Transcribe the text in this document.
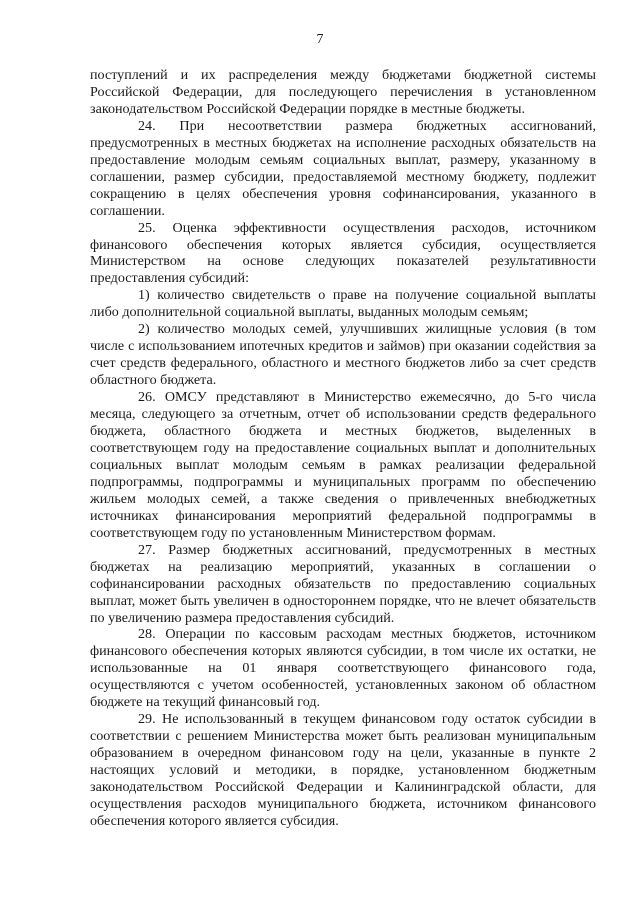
7

поступлений и их распределения между бюджетами бюджетной системы Российской Федерации, для последующего перечисления в установленном законодательством Российской Федерации порядке в местные бюджеты.

24. При несоответствии размера бюджетных ассигнований, предусмотренных в местных бюджетах на исполнение расходных обязательств на предоставление молодым семьям социальных выплат, размеру, указанному в соглашении, размер субсидии, предоставляемой местному бюджету, подлежит сокращению в целях обеспечения уровня софинансирования, указанного в соглашении.

25. Оценка эффективности осуществления расходов, источником финансового обеспечения которых является субсидия, осуществляется Министерством на основе следующих показателей результативности предоставления субсидий:

1) количество свидетельств о праве на получение социальной выплаты либо дополнительной социальной выплаты, выданных молодым семьям;

2) количество молодых семей, улучшивших жилищные условия (в том числе с использованием ипотечных кредитов и займов) при оказании содействия за счет средств федерального, областного и местного бюджетов либо за счет средств областного бюджета.

26. ОМСУ представляют в Министерство ежемесячно, до 5-го числа месяца, следующего за отчетным, отчет об использовании средств федерального бюджета, областного бюджета и местных бюджетов, выделенных в соответствующем году на предоставление социальных выплат и дополнительных социальных выплат молодым семьям в рамках реализации федеральной подпрограммы, подпрограммы и муниципальных программ по обеспечению жильем молодых семей, а также сведения о привлеченных внебюджетных источниках финансирования мероприятий федеральной подпрограммы в соответствующем году по установленным Министерством формам.

27. Размер бюджетных ассигнований, предусмотренных в местных бюджетах на реализацию мероприятий, указанных в соглашении о софинансировании расходных обязательств по предоставлению социальных выплат, может быть увеличен в одностороннем порядке, что не влечет обязательств по увеличению размера предоставления субсидий.

28. Операции по кассовым расходам местных бюджетов, источником финансового обеспечения которых являются субсидии, в том числе их остатки, не использованные на 01 января соответствующего финансового года, осуществляются с учетом особенностей, установленных законом об областном бюджете на текущий финансовый год.

29. Не использованный в текущем финансовом году остаток субсидии в соответствии с решением Министерства может быть реализован муниципальным образованием в очередном финансовом году на цели, указанные в пункте 2 настоящих условий и методики, в порядке, установленном бюджетным законодательством Российской Федерации и Калининградской области, для осуществления расходов муниципального бюджета, источником финансового обеспечения которого является субсидия.
